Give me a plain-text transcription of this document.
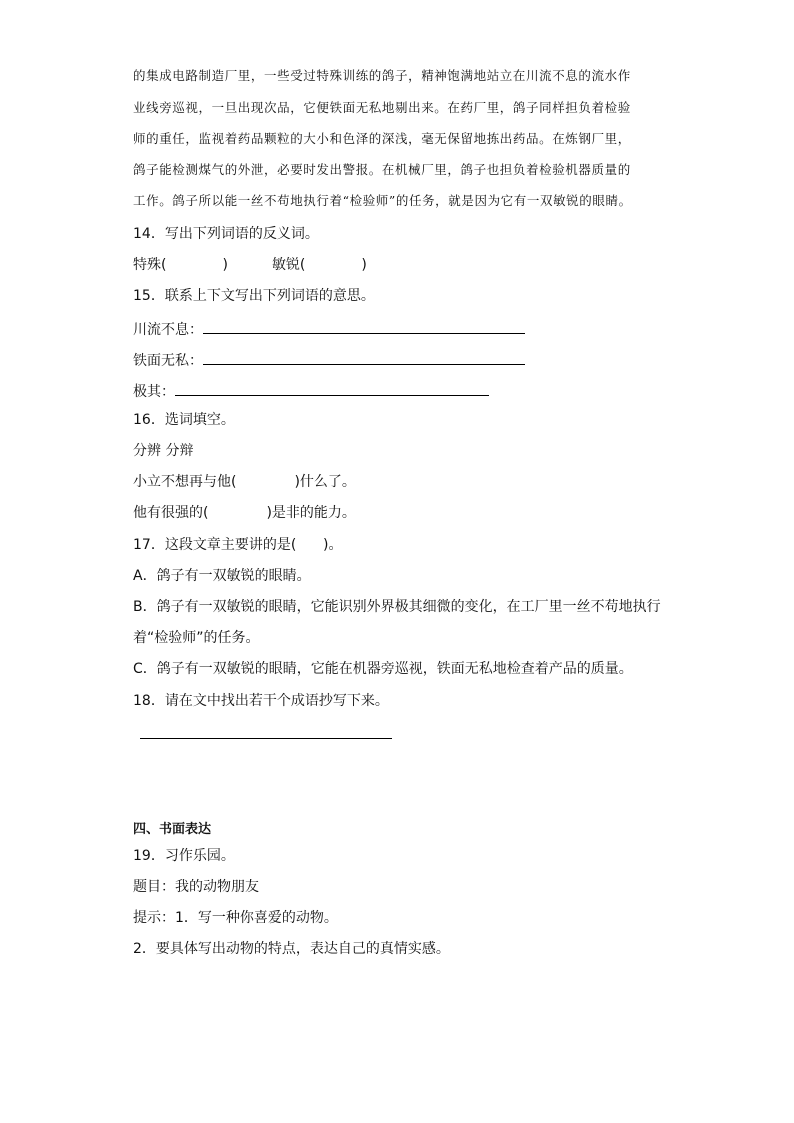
的集成电路制造厂里，一些受过特殊训练的鸽子，精神饱满地站立在川流不息的流水作
业线旁巡视，一旦出现次品，它便铁面无私地剔出来。在药厂里，鸽子同样担负着检验
师的重任，监视着药品颗粒的大小和色泽的深浅，毫无保留地拣出药品。在炼钢厂里，
鸽子能检测煤气的外泄，必要时发出警报。在机械厂里，鸽子也担负着检验机器质量的
工作。鸽子所以能一丝不苟地执行着“检验师”的任务，就是因为它有一双敏锐的眼睛。
14．写出下列词语的反义词。
特殊(	)	敏锐(	)
15．联系上下文写出下列词语的意思。
川流不息：
铁面无私：
极其：
16．选词填空。
分辨 分辩
小立不想再与他(	)什么了。
他有很强的(	)是非的能力。
17．这段文章主要讲的是(      )。
A．鸽子有一双敏锐的眼睛。
B．鸽子有一双敏锐的眼睛，它能识别外界极其细微的变化，在工厂里一丝不苟地执行
着“检验师”的任务。
C．鸽子有一双敏锐的眼睛，它能在机器旁巡视，铁面无私地检查着产品的质量。
18．请在文中找出若干个成语抄写下来。
四、书面表达
19．习作乐园。
题目：我的动物朋友
提示：1．写一种你喜爱的动物。
2．要具体写出动物的特点，表达自己的真情实感。
